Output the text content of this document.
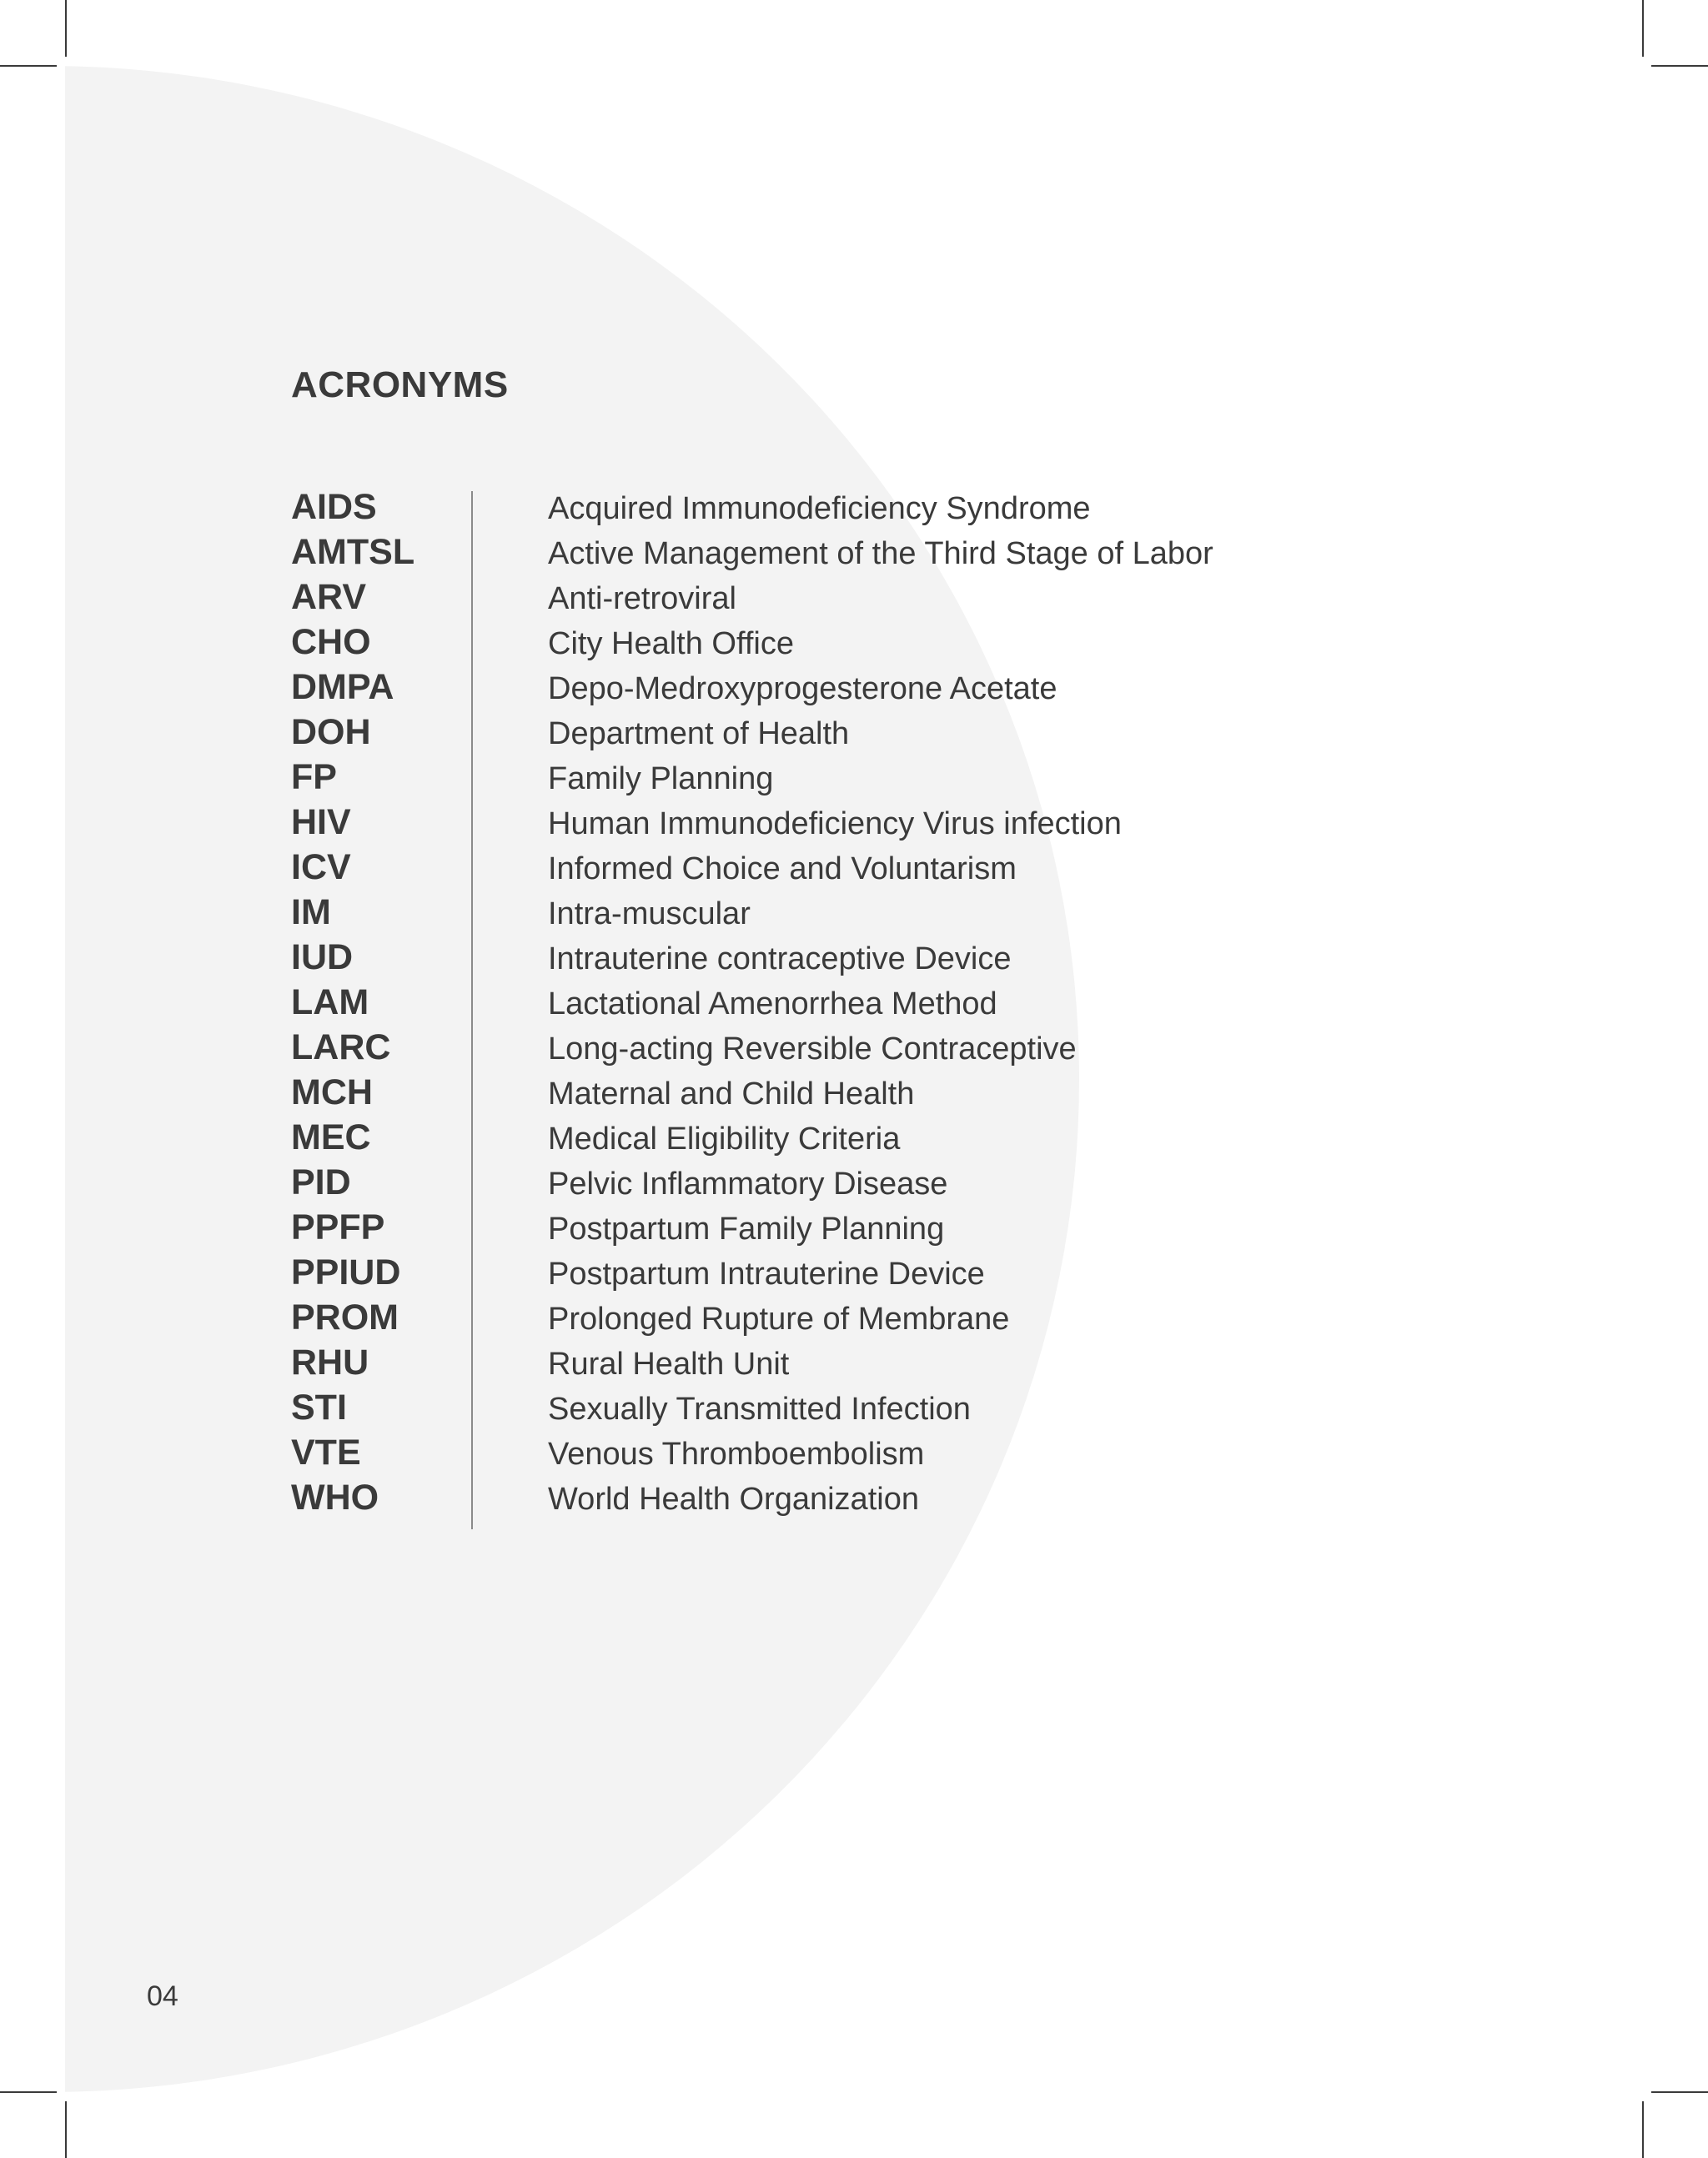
ACRONYMS
AIDS	Acquired Immunodeficiency Syndrome
AMTSL	Active Management of the Third Stage of Labor
ARV	Anti-retroviral
CHO	City Health Office
DMPA	Depo-Medroxyprogesterone Acetate
DOH	Department of Health
FP	Family Planning
HIV	Human Immunodeficiency Virus infection
ICV	Informed Choice and Voluntarism
IM	Intra-muscular
IUD	Intrauterine contraceptive Device
LAM	Lactational Amenorrhea Method
LARC	Long-acting Reversible Contraceptive
MCH	Maternal and Child Health
MEC	Medical Eligibility Criteria
PID	Pelvic Inflammatory Disease
PPFP	Postpartum Family Planning
PPIUD	Postpartum Intrauterine Device
PROM	Prolonged Rupture of Membrane
RHU	Rural Health Unit
STI	Sexually Transmitted Infection
VTE	Venous Thromboembolism
WHO	World Health Organization
04
